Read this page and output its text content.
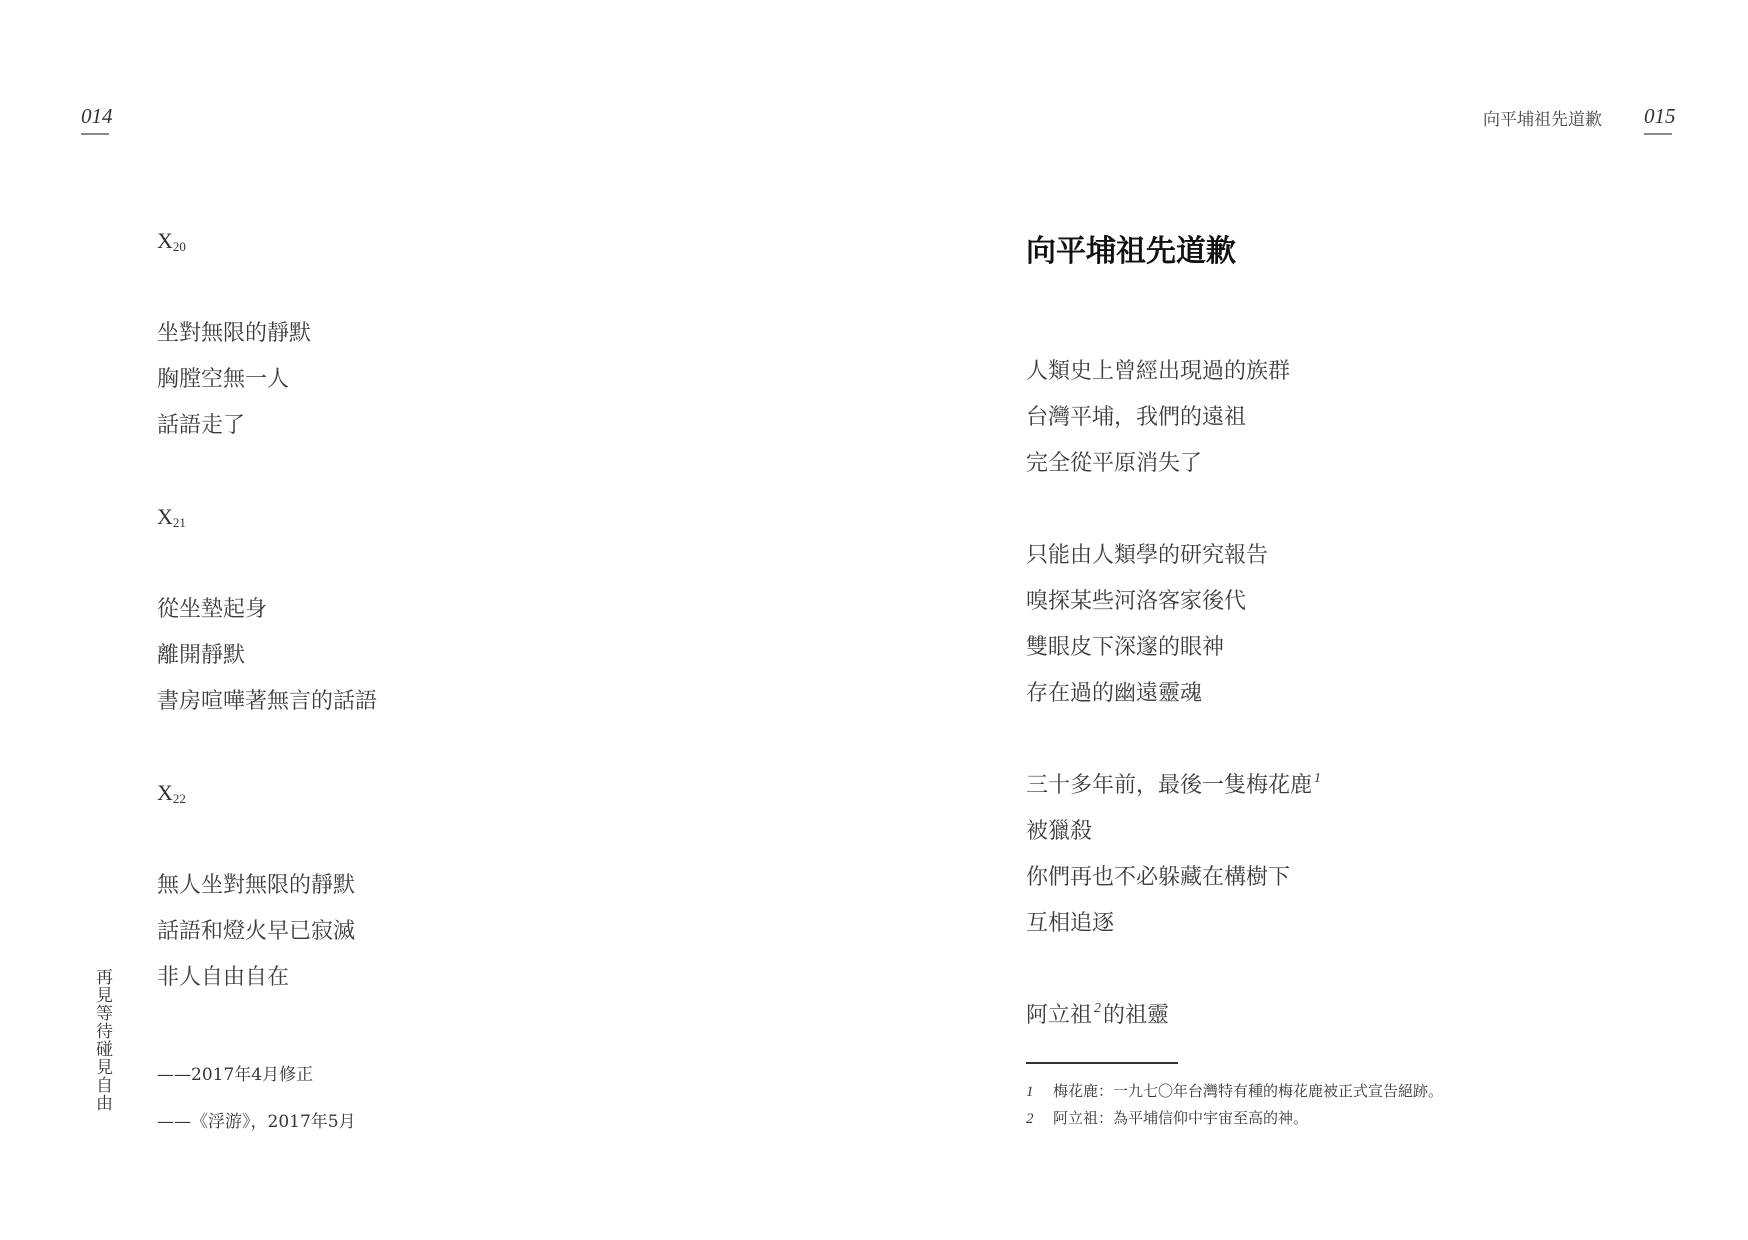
014
$X_{20}$
坐對無限的靜默
胸膛空無一人
話語走了
$X_{21}$
從坐墊起身
離開靜默
書房喧嘩著無言的話語
$X_{22}$
無人坐對無限的靜默
話語和燈火早已寂滅
非人自由自在
——2017年4月修正
——《浮游》，2017年5月
再見等待碰見自由
向平埔祖先道歉 015
向平埔祖先道歉
人類史上曾經出現過的族群
台灣平埔，我們的遠祖
完全從平原消失了
只能由人類學的研究報告
嗅探某些河洛客家後代
雙眼皮下深邃的眼神
存在過的幽遠靈魂
三十多年前，最後一隻梅花鹿 $^1$
被獵殺
你們再也不必躲藏在構樹下
互相追逐
阿立祖 $^2$的祖靈
1 梅花鹿：一九七〇年台灣特有種的梅花鹿被正式宣告絕跡。
2 阿立祖：為平埔信仰中宇宙至高的神。
